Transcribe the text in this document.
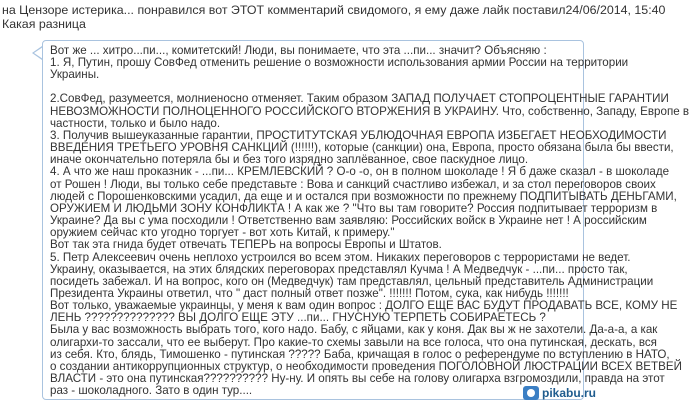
на Цензоре истерика... понравился вот ЭТОТ комментарий свидомого, я ему даже лайк поставил24/06/2014, 15:40
Какая разница

Вот же ... хитро...пи..., комитетский! Люди, вы понимаете, что эта ...пи... значит? Объясняю :
1. Я, Путин, прошу СовФед отменить решение о возможности использования армии России на территории
Украины.

2.СовФед, разумеется, молниеносно отменяет. Таким образом ЗАПАД ПОЛУЧАЕТ СТОПРОЦЕНТНЫЕ ГАРАНТИИ
НЕВОЗМОЖНОСТИ ПОЛНОЦЕННОГО РОССИЙСКОГО ВТОРЖЕНИЯ В УКРАИНУ. Что, собственно, Западу, Европе в
частности, только и было надо.
3. Получив вышеуказанные гарантии, ПРОСТИТУТСКАЯ УБЛЮДОЧНАЯ ЕВРОПА ИЗБЕГАЕТ НЕОБХОДИМОСТИ
ВВЕДЕНИЯ ТРЕТЬЕГО УРОВНЯ САНКЦИЙ (!!!!!!), которые (санкции) она, Европа, просто обязана была бы ввести,
иначе окончательно потеряла бы и без того изрядно заплёванное, свое паскудное лицо.
4. А что же наш проказник - ...пи... КРЕМЛЕВСКИЙ ? О-о -о, он в полном шоколаде ! Я б даже сказал - в шоколаде
от Рошен ! Люди, вы только себе представьте : Вова и санкций счастливо избежал, и за стол переговоров своих
людей с Порошенковскими усадил, да еще и и остался при возможности по прежнему ПОДПИТЫВАТЬ ДЕНЬГАМИ,
ОРУЖИЕМ И ЛЮДЬМИ ЗОНУ КОНФЛИКТА ! А как же ? "Что вы там говорите? Россия подпитывает терроризм в
Украине? Да вы с ума посходили ! Ответственно вам заявляю: Российских войск в Украине нет ! А российским
оружием сейчас кто угодно торгует - вот хоть Китай, к примеру."
Вот так эта гнида будет отвечать ТЕПЕРЬ на вопросы Европы и Штатов.
5. Петр Алексеевич очень неплохо устроился во всем этом. Никаких переговоров с террористами не ведет.
Украину, оказывается, на этих блядских переговорах представлял Кучма ! А Медведчук - ...пи... просто так,
посидеть забежал. И на вопрос, кого он (Медведчук) там представлял, цельный представитель Администрации
Президента Украины ответил, что " даст полный ответ позже". !!!!!!! Потом, сука, как нибудь !!!!!!!
Вот только, уважаемые украинцы, у меня к вам один вопрос : ДОЛГО ЕЩЕ ВАС БУДУТ ПРОДАВАТЬ ВСЕ, КОМУ НЕ
ЛЕНЬ ?????????????? ВЫ ДОЛГО ЕЩЕ ЭТУ ...пи... ГНУСНУЮ ТЕРПЕТЬ СОБИРАЕТЕСЬ ?
Была у вас возможность выбрать того, кого надо. Бабу, с яйцами, как у коня. Дак вы ж не захотели. Да-а-а, а как
олигархи-то зассали, что ее выберут. Про какие-то схемы завыли на все голоса, что она путинская, дескать, вся
из себя. Кто, блядь, Тимошенко - путинская ????? Баба, кричащая в голос о референдуме по вступлению в НАТО,
о создании антикоррупционных структур, о необходимости проведения ПОГОЛОВНОЙ ЛЮСТРАЦИИ ВСЕХ ВЕТВЕЙ
ВЛАСТИ - это она путинская?????????? Ну-ну. И опять вы себе на голову олигарха взгромоздили, правда на этот
раз - шоколадного. Зато в один тур....	pikabu.ru
